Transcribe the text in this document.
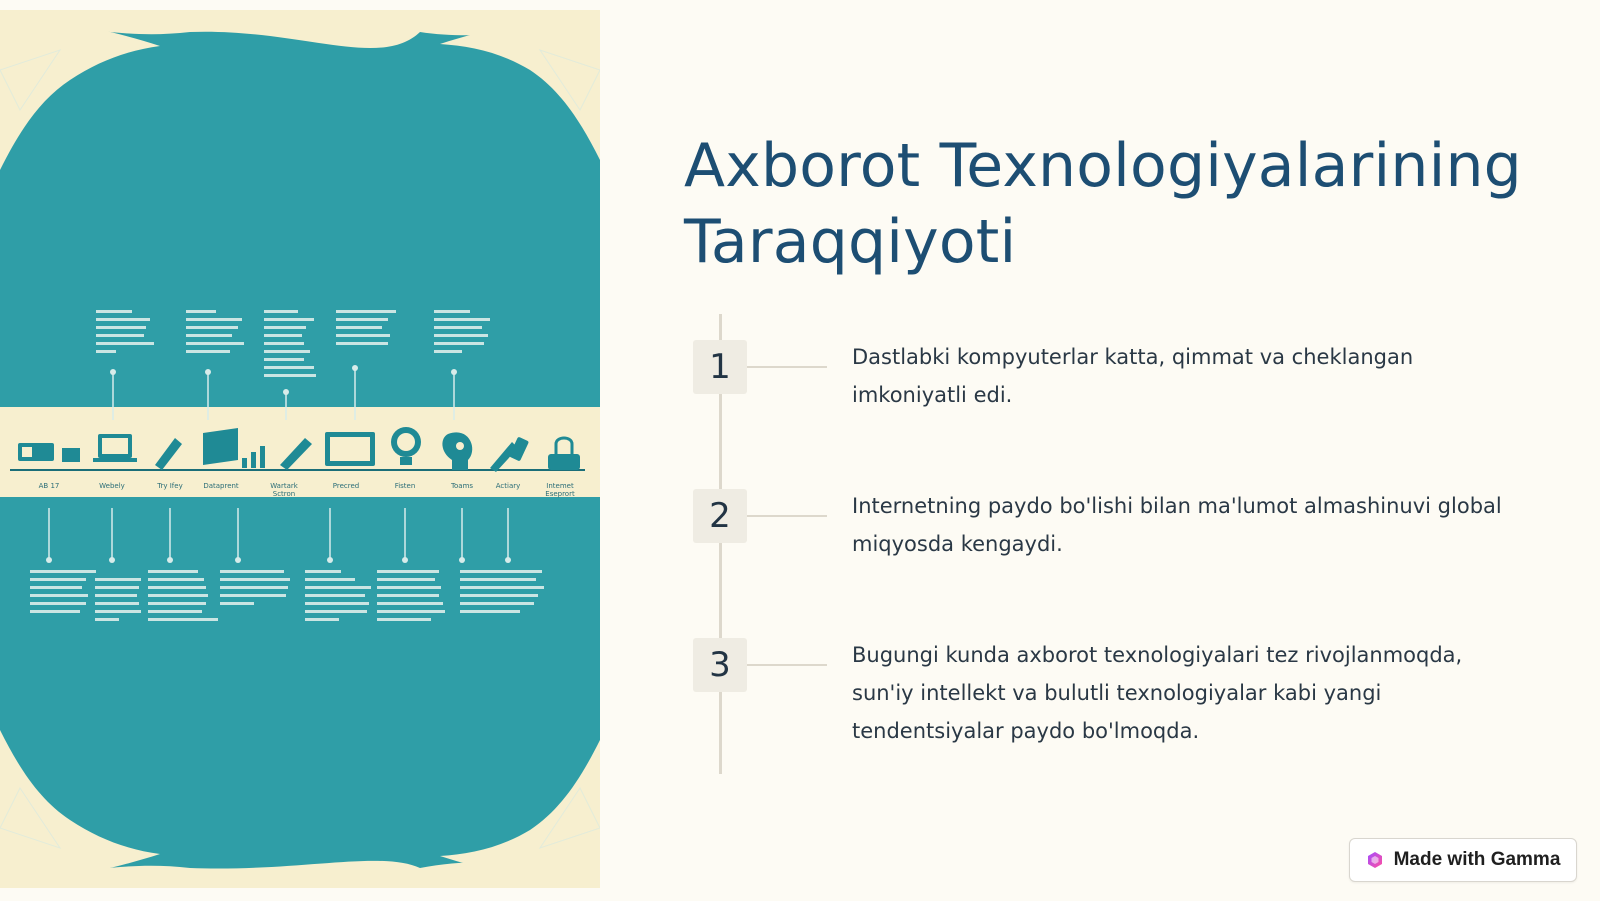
AB 17	Webely	Try Ifey	Dataprent	Wartark
Sctron
Precred	Fisten	Toams	Actiary	Intemet
Eseprort
Axborot Texnologiyalarining Taraqqiyoti
1	Dastlabki kompyuterlar katta, qimmat va cheklangan imkoniyatli edi.

2	Internetning paydo bo'lishi bilan ma'lumot almashinuvi global miqyosda kengaydi.

3	Bugungi kunda axborot texnologiyalari tez rivojlanmoqda, sun'iy intellekt va bulutli texnologiyalar kabi yangi tendentsiyalar paydo bo'lmoqda.

Made with Gamma
